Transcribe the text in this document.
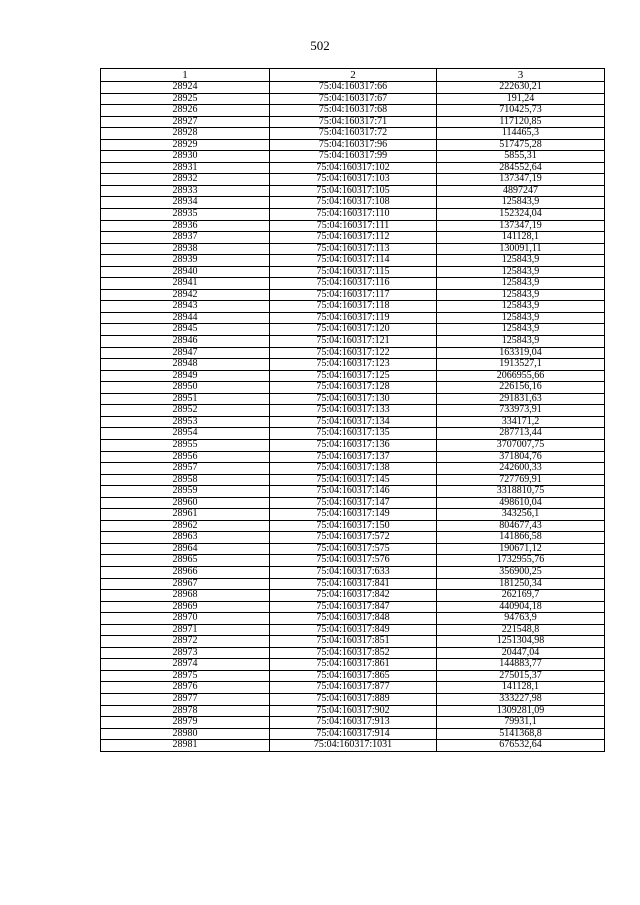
502
1	2	3
28924	75:04:160317:66	222630,21
28925	75:04:160317:67	191,24
28926	75:04:160317:68	710425,73
28927	75:04:160317:71	117120,85
28928	75:04:160317:72	114465,3
28929	75:04:160317:96	517475,28
28930	75:04:160317:99	5855,31
28931	75:04:160317:102	284552,64
28932	75:04:160317:103	137347,19
28933	75:04:160317:105	4897247
28934	75:04:160317:108	125843,9
28935	75:04:160317:110	152324,04
28936	75:04:160317:111	137347,19
28937	75:04:160317:112	141128,1
28938	75:04:160317:113	130091,11
28939	75:04:160317:114	125843,9
28940	75:04:160317:115	125843,9
28941	75:04:160317:116	125843,9
28942	75:04:160317:117	125843,9
28943	75:04:160317:118	125843,9
28944	75:04:160317:119	125843,9
28945	75:04:160317:120	125843,9
28946	75:04:160317:121	125843,9
28947	75:04:160317:122	163319,04
28948	75:04:160317:123	1913527,1
28949	75:04:160317:125	2066955,66
28950	75:04:160317:128	226156,16
28951	75:04:160317:130	291831,63
28952	75:04:160317:133	733973,91
28953	75:04:160317:134	334171,2
28954	75:04:160317:135	287713,44
28955	75:04:160317:136	3707007,75
28956	75:04:160317:137	371804,76
28957	75:04:160317:138	242600,33
28958	75:04:160317:145	727769,91
28959	75:04:160317:146	3318810,75
28960	75:04:160317:147	498610,04
28961	75:04:160317:149	343256,1
28962	75:04:160317:150	804677,43
28963	75:04:160317:572	141866,58
28964	75:04:160317:575	190671,12
28965	75:04:160317:576	1732955,76
28966	75:04:160317:633	356900,25
28967	75:04:160317:841	181250,34
28968	75:04:160317:842	262169,7
28969	75:04:160317:847	440904,18
28970	75:04:160317:848	94763,9
28971	75:04:160317:849	221548,8
28972	75:04:160317:851	1251304,98
28973	75:04:160317:852	20447,04
28974	75:04:160317:861	144883,77
28975	75:04:160317:865	275015,37
28976	75:04:160317:877	141128,1
28977	75:04:160317:889	333227,98
28978	75:04:160317:902	1309281,09
28979	75:04:160317:913	79931,1
28980	75:04:160317:914	5141368,8
28981	75:04:160317:1031	676532,64
